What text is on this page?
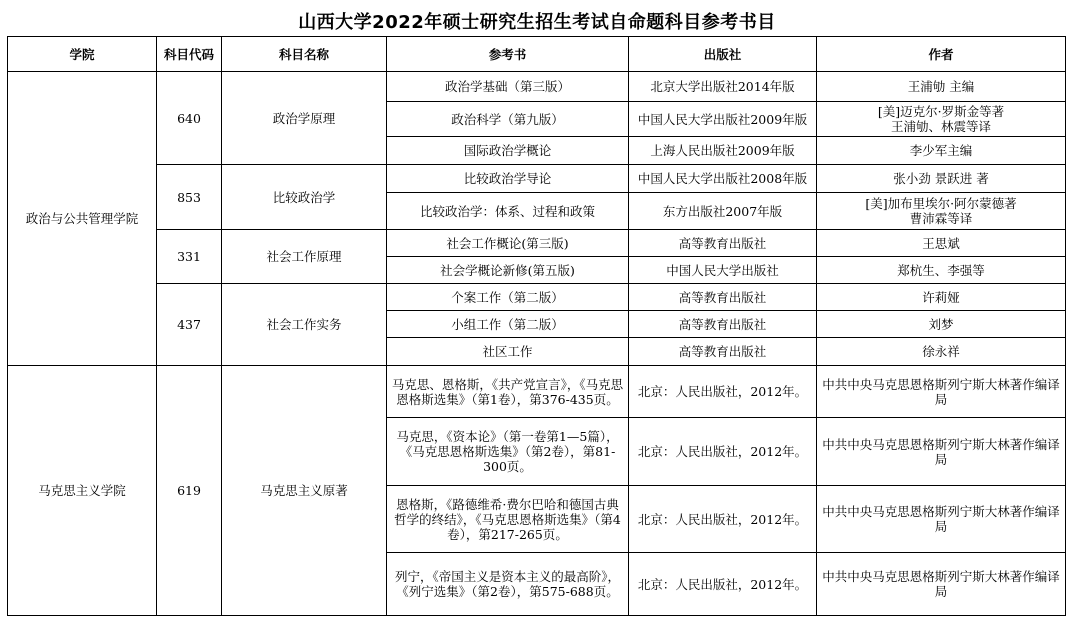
山西大学2022年硕士研究生招生考试自命题科目参考书目
学院	科目代码	科目名称	参考书	出版社	作者
政治与公共管理学院	640	政治学原理	政治学基础（第三版）	北京大学出版社2014年版	王浦劬 主编
			政治科学（第九版）	中国人民大学出版社2009年版	[美]迈克尔·罗斯金等著
王浦劬、林震等译
			国际政治学概论	上海人民出版社2009年版	李少军主编
	853	比较政治学	比较政治学导论	中国人民大学出版社2008年版	张小劲 景跃进 著
			比较政治学：体系、过程和政策	东方出版社2007年版	[美]加布里埃尔·阿尔蒙德著
曹沛霖等译
	331	社会工作原理	社会工作概论(第三版)	高等教育出版社	王思斌
			社会学概论新修(第五版)	中国人民大学出版社	郑杭生、李强等
	437	社会工作实务	个案工作（第二版）	高等教育出版社	许莉娅
			小组工作（第二版）	高等教育出版社	刘梦
			社区工作	高等教育出版社	徐永祥
马克思主义学院	619	马克思主义原著	马克思、恩格斯，《共产党宣言》，《马克思恩格斯选集》（第1卷），第376-435页。	北京：人民出版社，2012年。	中共中央马克思恩格斯列宁斯大林著作编译局
			马克思，《资本论》（第一卷第1—5篇），《马克思恩格斯选集》（第2卷），第81-300页。	北京：人民出版社，2012年。	中共中央马克思恩格斯列宁斯大林著作编译局
			恩格斯，《路德维希·费尔巴哈和德国古典哲学的终结》，《马克思恩格斯选集》（第4卷），第217-265页。	北京：人民出版社，2012年。	中共中央马克思恩格斯列宁斯大林著作编译局
			列宁，《帝国主义是资本主义的最高阶》，《列宁选集》（第2卷），第575-688页。	北京：人民出版社，2012年。	中共中央马克思恩格斯列宁斯大林著作编译局
